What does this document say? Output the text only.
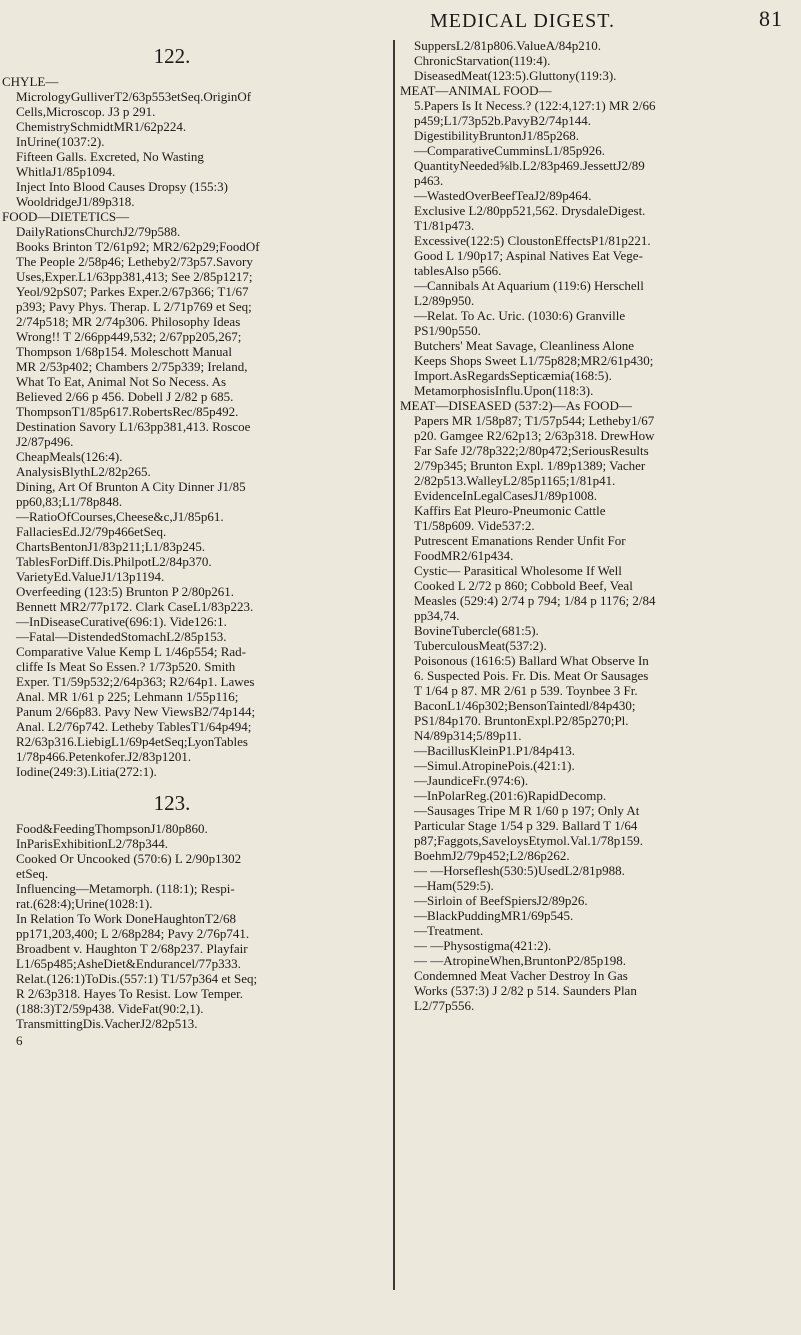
MEDICAL DIGEST.	81
122.
CHYLE—
MicrologyGulliverT2/63p553etSeq.OriginOf
Cells,Microscop. J3 p 291.
ChemistrySchmidtMR1/62p224.
InUrine(1037:2).
Fifteen Galls. Excreted, No Wasting
WhitlaJ1/85p1094.
Inject Into Blood Causes Dropsy (155:3)
WooldridgeJ1/89p318.
FOOD—DIETETICS—
DailyRationsChurchJ2/79p588.
Books Brinton T2/61p92; MR2/62p29;FoodOf
The People 2/58p46; Letheby2/73p57.Savory
Uses,Exper.L1/63pp381,413; See 2/85p1217;
Yeol/92pS07; Parkes Exper.2/67p366; T1/67
p393; Pavy Phys. Therap. L 2/71p769 et Seq;
2/74p518; MR 2/74p306. Philosophy Ideas
Wrong!! T 2/66pp449,532; 2/67pp205,267;
Thompson 1/68p154. Moleschott Manual
MR 2/53p402; Chambers 2/75p339; Ireland,
What To Eat, Animal Not So Necess. As
Believed 2/66 p 456. Dobell J 2/82 p 685.
ThompsonT1/85p617.RobertsRec/85p492.
Destination Savory L1/63pp381,413. Roscoe
J2/87p496.
CheapMeals(126:4).
AnalysisBlythL2/82p265.
Dining, Art Of Brunton A City Dinner J1/85
pp60,83;L1/78p848.
—RatioOfCourses,Cheese&c,J1/85p61.
FallaciesEd.J2/79p466etSeq.
ChartsBentonJ1/83p211;L1/83p245.
TablesForDiff.Dis.PhilpotL2/84p370.
VarietyEd.ValueJ1/13p1194.
Overfeeding (123:5) Brunton P 2/80p261.
Bennett MR2/77p172. Clark CaseL1/83p223.
—InDiseaseCurative(696:1). Vide126:1.
—Fatal—DistendedStomachL2/85p153.
Comparative Value Kemp L 1/46p554; Rad-
cliffe Is Meat So Essen.? 1/73p520. Smith
Exper. T1/59p532;2/64p363; R2/64p1. Lawes
Anal. MR 1/61 p 225; Lehmann 1/55p116;
Panum 2/66p83. Pavy New ViewsB2/74p144;
Anal. L2/76p742. Letheby TablesT1/64p494;
R2/63p316.LiebigL1/69p4etSeq;LyonTables
1/78p466.Petenkofer.J2/83p1201.
Iodine(249:3).Litia(272:1).
123.
Food&FeedingThompsonJ1/80p860.
InParisExhibitionL2/78p344.
Cooked Or Uncooked (570:6) L 2/90p1302
etSeq.
Influencing—Metamorph. (118:1); Respi-
rat.(628:4);Urine(1028:1).
In Relation To Work DoneHaughtonT2/68
pp171,203,400; L 2/68p284; Pavy 2/76p741.
Broadbent v. Haughton T 2/68p237. Playfair
L1/65p485;AsheDiet&Endurancel/77p333.
Relat.(126:1)ToDis.(557:1) T1/57p364 et Seq;
R 2/63p318. Hayes To Resist. Low Temper.
(188:3)T2/59p438. VideFat(90:2,1).
TransmittingDis.VacherJ2/82p513.
6
SuppersL2/81p806.ValueA/84p210.
ChronicStarvation(119:4).
DiseasedMeat(123:5).Gluttony(119:3).
MEAT—ANIMAL FOOD—
5.Papers Is It Necess.? (122:4,127:1) MR 2/66
p459;L1/73p52b.PavyB2/74p144.
DigestibilityBruntonJ1/85p268.
—ComparativeCumminsL1/85p926.
QuantityNeeded⅝lb.L2/83p469.JessettJ2/89
p463.
—WastedOverBeefTeaJ2/89p464.
Exclusive L2/80pp521,562. DrysdaleDigest.
T1/81p473.
Excessive(122:5) CloustonEffectsP1/81p221.
Good L 1/90p17; Aspinal Natives Eat Vege-
tablesAlso p566.
—Cannibals At Aquarium (119:6) Herschell
L2/89p950.
—Relat. To Ac. Uric. (1030:6) Granville
PS1/90p550.
Butchers' Meat Savage, Cleanliness Alone
Keeps Shops Sweet L1/75p828;MR2/61p430;
Import.AsRegardsSepticæmia(168:5).
MetamorphosisInflu.Upon(118:3).
MEAT—DISEASED (537:2)—As FOOD—
Papers MR 1/58p87; T1/57p544; Letheby1/67
p20. Gamgee R2/62p13; 2/63p318. DrewHow
Far Safe J2/78p322;2/80p472;SeriousResults
2/79p345; Brunton Expl. 1/89p1389; Vacher
2/82p513.WalleyL2/85p1165;1/81p41.
EvidenceInLegalCasesJ1/89p1008.
Kaffirs Eat Pleuro-Pneumonic Cattle
T1/58p609. Vide537:2.
Putrescent Emanations Render Unfit For
FoodMR2/61p434.
Cystic— Parasitical Wholesome If Well
Cooked L 2/72 p 860; Cobbold Beef, Veal
Measles (529:4) 2/74 p 794; 1/84 p 1176; 2/84
pp34,74.
BovineTubercle(681:5).
TuberculousMeat(537:2).
Poisonous (1616:5) Ballard What Observe In
6. Suspected Pois. Fr. Dis. Meat Or Sausages
T 1/64 p 87. MR 2/61 p 539. Toynbee 3 Fr.
BaconL1/46p302;BensonTaintedl/84p430;
PS1/84p170. BruntonExpl.P2/85p270;Pl.
N4/89p314;5/89p11.
—BacillusKleinP1.P1/84p413.
—Simul.AtropinePois.(421:1).
—JaundiceFr.(974:6).
—InPolarReg.(201:6)RapidDecomp.
—Sausages Tripe M R 1/60 p 197; Only At
Particular Stage 1/54 p 329. Ballard T 1/64
p87;Faggots,SaveloysEtymol.Val.1/78p159.
BoehmJ2/79p452;L2/86p262.
— —Horseflesh(530:5)UsedL2/81p988.
—Ham(529:5).
—Sirloin of BeefSpiersJ2/89p26.
—BlackPuddingMR1/69p545.
—Treatment.
— —Physostigma(421:2).
— —AtropineWhen,BruntonP2/85p198.
Condemned Meat Vacher Destroy In Gas
Works (537:3) J 2/82 p 514. Saunders Plan
L2/77p556.
